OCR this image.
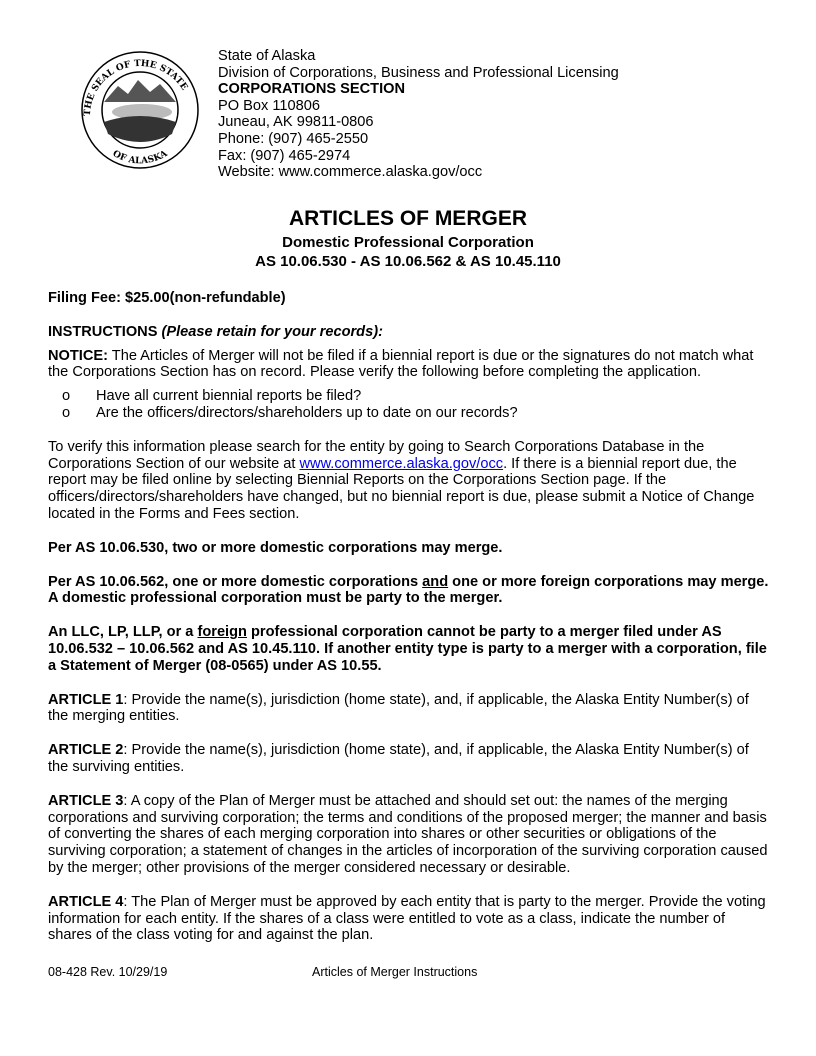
THE SEAL OF THE STATE
OF ALASKA
State of Alaska
Division of Corporations, Business and Professional Licensing
CORPORATIONS SECTION
PO Box 110806
Juneau, AK 99811-0806
Phone: (907) 465-2550
Fax: (907) 465-2974
Website: www.commerce.alaska.gov/occ
ARTICLES OF MERGER
Domestic Professional Corporation
AS 10.06.530 - AS 10.06.562 & AS 10.45.110
Filing Fee: $25.00(non-refundable)
INSTRUCTIONS (Please retain for your records):
NOTICE: The Articles of Merger will not be filed if a biennial report is due or the signatures do not match what the Corporations Section has on record. Please verify the following before completing the application.
o Have all current biennial reports be filed?
o Are the officers/directors/shareholders up to date on our records?
To verify this information please search for the entity by going to Search Corporations Database in the Corporations Section of our website at www.commerce.alaska.gov/occ. If there is a biennial report due, the report may be filed online by selecting Biennial Reports on the Corporations Section page. If the officers/directors/shareholders have changed, but no biennial report is due, please submit a Notice of Change located in the Forms and Fees section.
Per AS 10.06.530, two or more domestic corporations may merge.
Per AS 10.06.562, one or more domestic corporations and one or more foreign corporations may merge. A domestic professional corporation must be party to the merger.
An LLC, LP, LLP, or a foreign professional corporation cannot be party to a merger filed under AS 10.06.532 – 10.06.562 and AS 10.45.110. If another entity type is party to a merger with a corporation, file a Statement of Merger (08-0565) under AS 10.55.
ARTICLE 1: Provide the name(s), jurisdiction (home state), and, if applicable, the Alaska Entity Number(s) of the merging entities.
ARTICLE 2: Provide the name(s), jurisdiction (home state), and, if applicable, the Alaska Entity Number(s) of the surviving entities.
ARTICLE 3: A copy of the Plan of Merger must be attached and should set out: the names of the merging corporations and surviving corporation; the terms and conditions of the proposed merger; the manner and basis of converting the shares of each merging corporation into shares or other securities or obligations of the surviving corporation; a statement of changes in the articles of incorporation of the surviving corporation caused by the merger; other provisions of the merger considered necessary or desirable.
ARTICLE 4: The Plan of Merger must be approved by each entity that is party to the merger. Provide the voting information for each entity. If the shares of a class were entitled to vote as a class, indicate the number of shares of the class voting for and against the plan.
08-428 Rev. 10/29/19	Articles of Merger Instructions
